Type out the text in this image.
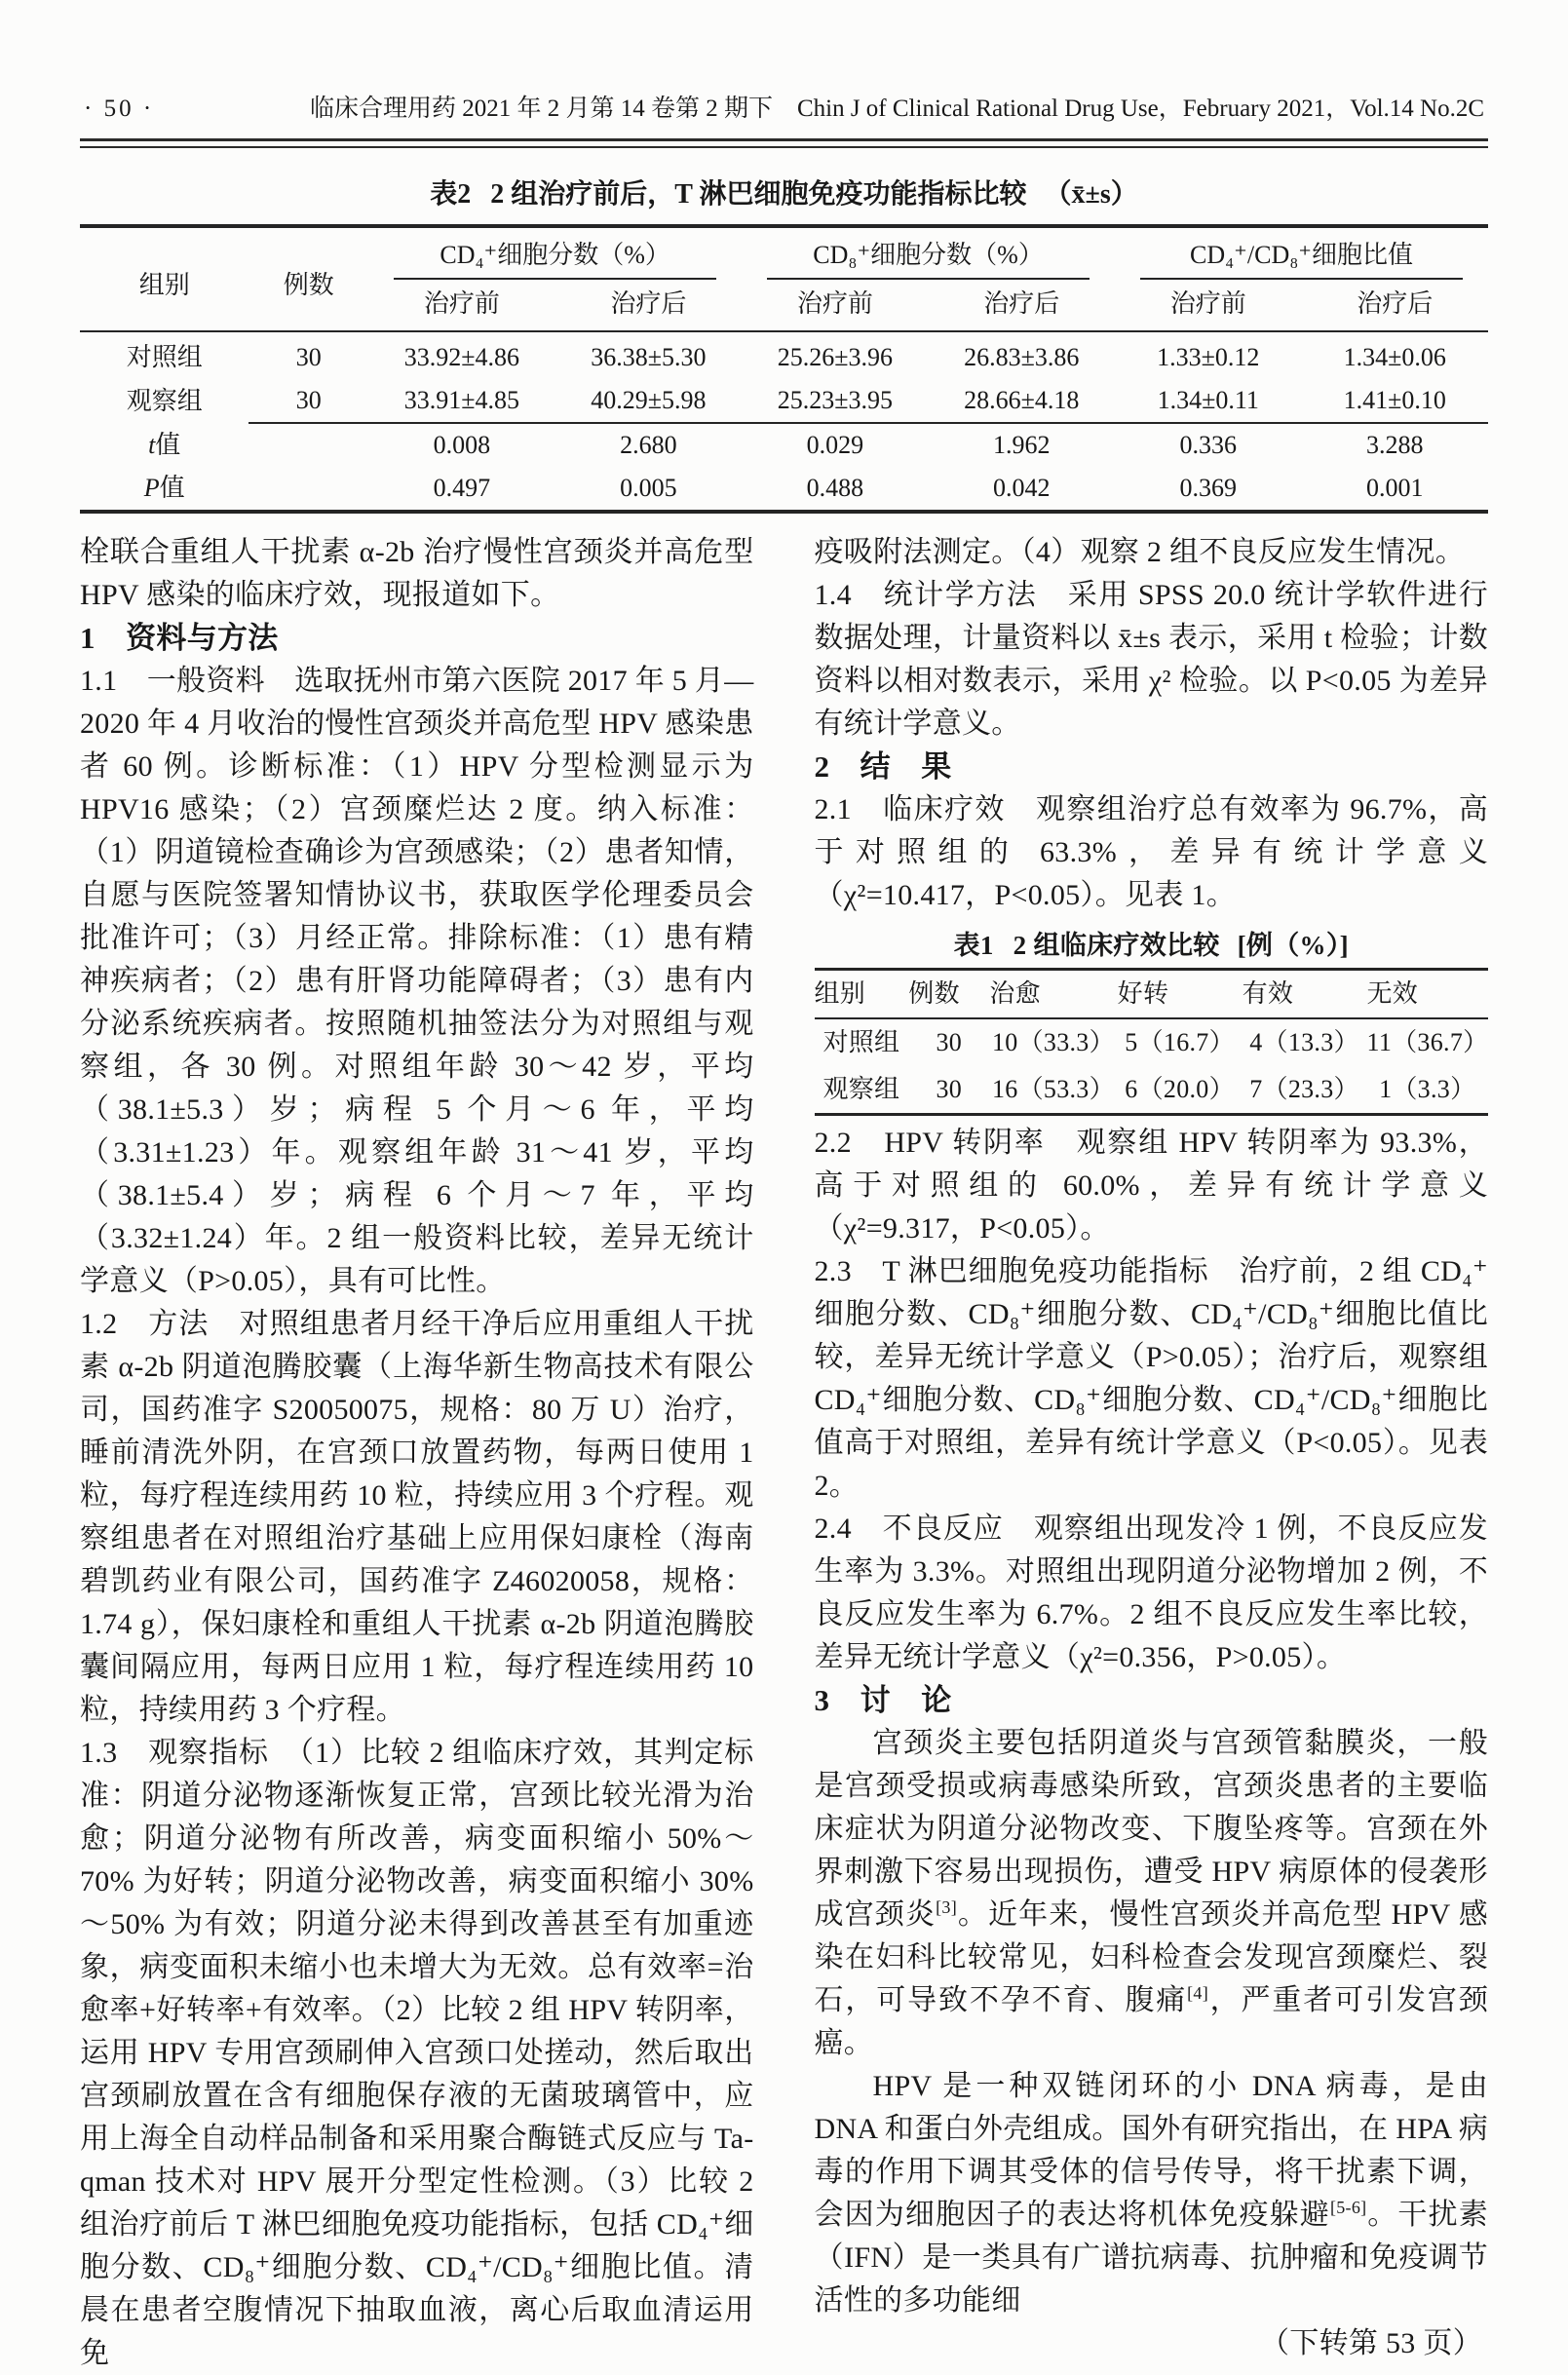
· 50 ·	临床合理用药 2021 年 2 月第 14 卷第 2 期下　Chin J of Clinical Rational Drug Use，February 2021，Vol.14 No.2C
表2 2 组治疗前后，T 淋巴细胞免疫功能指标比较 （x̄±s）
组别	例数	CD₄⁺细胞分数（%）		CD₈⁺细胞分数（%）		CD₄⁺/CD₈⁺细胞比值	

		治疗前	治疗后	治疗前	治疗后	治疗前	治疗后
对照组	30	33.92±4.86	36.38±5.30	25.26±3.96	26.83±3.86	1.33±0.12	1.34±0.06
观察组	30	33.91±4.85	40.29±5.98	25.23±3.95	28.66±4.18	1.34±0.11	1.41±0.10
t值		0.008	2.680	0.029	1.962	0.336	3.288
P值		0.497	0.005	0.488	0.042	0.369	0.001
栓联合重组人干扰素 α-2b 治疗慢性宫颈炎并高危型 HPV 感染的临床疗效，现报道如下。
1　资料与方法
1.1　一般资料　选取抚州市第六医院 2017 年 5 月—2020 年 4 月收治的慢性宫颈炎并高危型 HPV 感染患者 60 例。诊断标准：（1）HPV 分型检测显示为 HPV16 感染；（2）宫颈糜烂达 2 度。纳入标准：（1）阴道镜检查确诊为宫颈感染；（2）患者知情，自愿与医院签署知情协议书，获取医学伦理委员会批准许可；（3）月经正常。排除标准：（1）患有精神疾病者；（2）患有肝肾功能障碍者；（3）患有内分泌系统疾病者。按照随机抽签法分为对照组与观察组，各 30 例。对照组年龄 30～42 岁，平均（38.1±5.3）岁；病程 5 个月～6 年，平均（3.31±1.23）年。观察组年龄 31～41 岁，平均（38.1±5.4）岁；病程 6 个月～7 年，平均（3.32±1.24）年。2 组一般资料比较，差异无统计学意义（P>0.05），具有可比性。
1.2　方法　对照组患者月经干净后应用重组人干扰素 α-2b 阴道泡腾胶囊（上海华新生物高技术有限公司，国药准字 S20050075，规格：80 万 U）治疗，睡前清洗外阴，在宫颈口放置药物，每两日使用 1 粒，每疗程连续用药 10 粒，持续应用 3 个疗程。观察组患者在对照组治疗基础上应用保妇康栓（海南碧凯药业有限公司，国药准字 Z46020058，规格：1.74 g），保妇康栓和重组人干扰素 α-2b 阴道泡腾胶囊间隔应用，每两日应用 1 粒，每疗程连续用药 10 粒，持续用药 3 个疗程。
1.3　观察指标　（1）比较 2 组临床疗效，其判定标准：阴道分泌物逐渐恢复正常，宫颈比较光滑为治愈；阴道分泌物有所改善，病变面积缩小 50%～70% 为好转；阴道分泌物改善，病变面积缩小 30%～50% 为有效；阴道分泌未得到改善甚至有加重迹象，病变面积未缩小也未增大为无效。总有效率=治愈率+好转率+有效率。（2）比较 2 组 HPV 转阴率，运用 HPV 专用宫颈刷伸入宫颈口处搓动，然后取出宫颈刷放置在含有细胞保存液的无菌玻璃管中，应用上海全自动样品制备和采用聚合酶链式反应与 Ta-qman 技术对 HPV 展开分型定性检测。（3）比较 2 组治疗前后 T 淋巴细胞免疫功能指标，包括 CD₄⁺细胞分数、CD₈⁺细胞分数、CD₄⁺/CD₈⁺细胞比值。清晨在患者空腹情况下抽取血液，离心后取血清运用免
疫吸附法测定。（4）观察 2 组不良反应发生情况。
1.4　统计学方法　采用 SPSS 20.0 统计学软件进行数据处理，计量资料以 x̄±s 表示，采用 t 检验；计数资料以相对数表示，采用 χ² 检验。以 P<0.05 为差异有统计学意义。
2　结　果
2.1　临床疗效　观察组治疗总有效率为 96.7%，高于对照组的 63.3%，差异有统计学意义（χ²=10.417，P<0.05）。见表 1。
表1 2 组临床疗效比较 [例（%）]
组别	例数	治愈	好转	有效	无效
对照组	30	10（33.3）	5（16.7）	4（13.3）	11（36.7）
观察组	30	16（53.3）	6（20.0）	7（23.3）	1（3.3）
2.2　HPV 转阴率　观察组 HPV 转阴率为 93.3%，高于对照组的 60.0%，差异有统计学意义（χ²=9.317，P<0.05）。
2.3　T 淋巴细胞免疫功能指标　治疗前，2 组 CD₄⁺细胞分数、CD₈⁺细胞分数、CD₄⁺/CD₈⁺细胞比值比较，差异无统计学意义（P>0.05）；治疗后，观察组 CD₄⁺细胞分数、CD₈⁺细胞分数、CD₄⁺/CD₈⁺细胞比值高于对照组，差异有统计学意义（P<0.05）。见表 2。
2.4　不良反应　观察组出现发冷 1 例，不良反应发生率为 3.3%。对照组出现阴道分泌物增加 2 例，不良反应发生率为 6.7%。2 组不良反应发生率比较，差异无统计学意义（χ²=0.356，P>0.05）。
3　讨　论
宫颈炎主要包括阴道炎与宫颈管黏膜炎，一般是宫颈受损或病毒感染所致，宫颈炎患者的主要临床症状为阴道分泌物改变、下腹坠疼等。宫颈在外界刺激下容易出现损伤，遭受 HPV 病原体的侵袭形成宫颈炎[3]。近年来，慢性宫颈炎并高危型 HPV 感染在妇科比较常见，妇科检查会发现宫颈糜烂、裂石，可导致不孕不育、腹痛[4]，严重者可引发宫颈癌。
HPV 是一种双链闭环的小 DNA 病毒，是由 DNA 和蛋白外壳组成。国外有研究指出，在 HPA 病毒的作用下调其受体的信号传导，将干扰素下调，会因为细胞因子的表达将机体免疫躲避[5-6]。干扰素（IFN）是一类具有广谱抗病毒、抗肿瘤和免疫调节活性的多功能细
（下转第 53 页）
